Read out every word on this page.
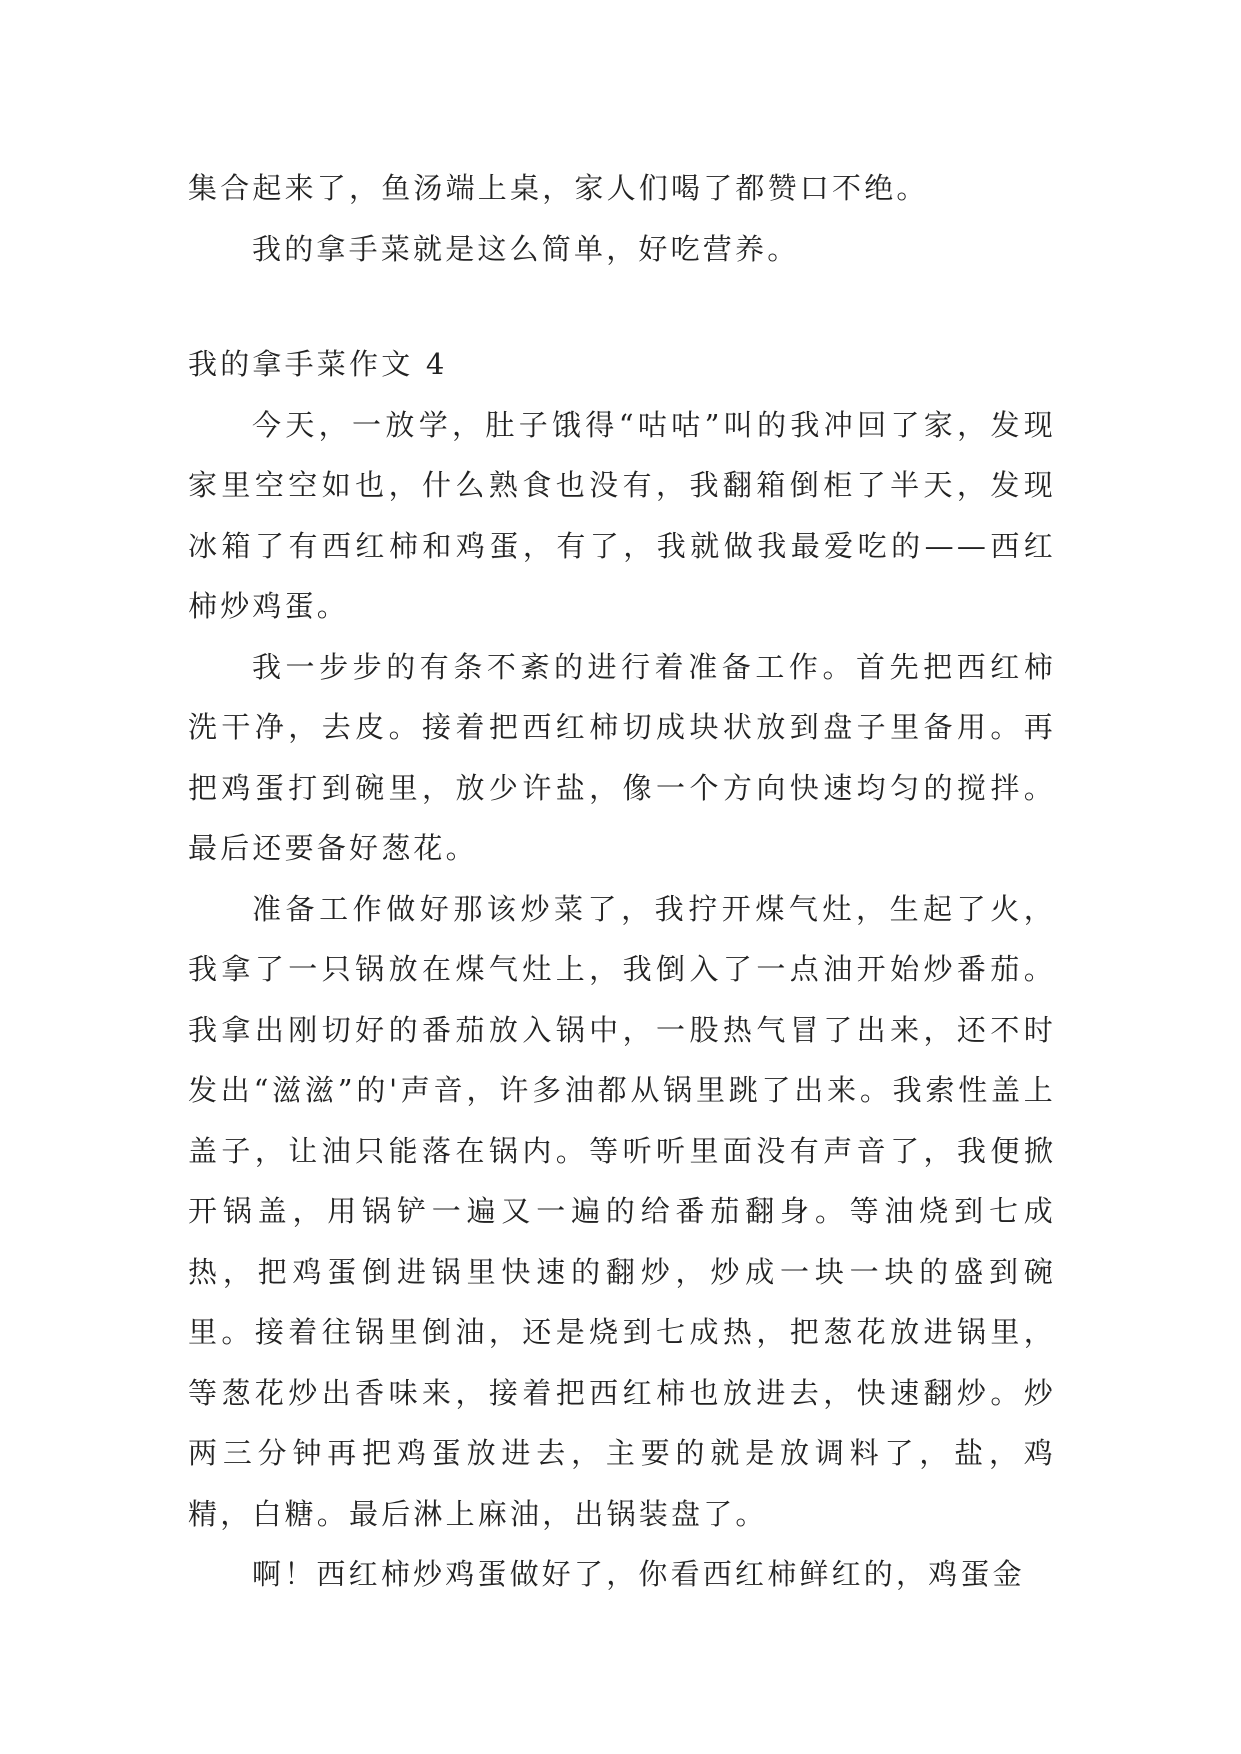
集合起来了，鱼汤端上桌，家人们喝了都赞口不绝。

我的拿手菜就是这么简单，好吃营养。

我的拿手菜作文 4

今天，一放学，肚子饿得“咕咕”叫的我冲回了家，发现家里空空如也，什么熟食也没有，我翻箱倒柜了半天，发现冰箱了有西红柿和鸡蛋，有了，我就做我最爱吃的——西红柿炒鸡蛋。

我一步步的有条不紊的进行着准备工作。首先把西红柿洗干净，去皮。接着把西红柿切成块状放到盘子里备用。再把鸡蛋打到碗里，放少许盐，像一个方向快速均匀的搅拌。最后还要备好葱花。

准备工作做好那该炒菜了，我拧开煤气灶，生起了火，我拿了一只锅放在煤气灶上，我倒入了一点油开始炒番茄。我拿出刚切好的番茄放入锅中，一股热气冒了出来，还不时发出“滋滋”的'声音，许多油都从锅里跳了出来。我索性盖上盖子，让油只能落在锅内。等听听里面没有声音了，我便掀开锅盖，用锅铲一遍又一遍的给番茄翻身。等油烧到七成热，把鸡蛋倒进锅里快速的翻炒，炒成一块一块的盛到碗里。接着往锅里倒油，还是烧到七成热，把葱花放进锅里，等葱花炒出香味来，接着把西红柿也放进去，快速翻炒。炒两三分钟再把鸡蛋放进去，主要的就是放调料了，盐，鸡精，白糖。最后淋上麻油，出锅装盘了。

啊！西红柿炒鸡蛋做好了，你看西红柿鲜红的，鸡蛋金
